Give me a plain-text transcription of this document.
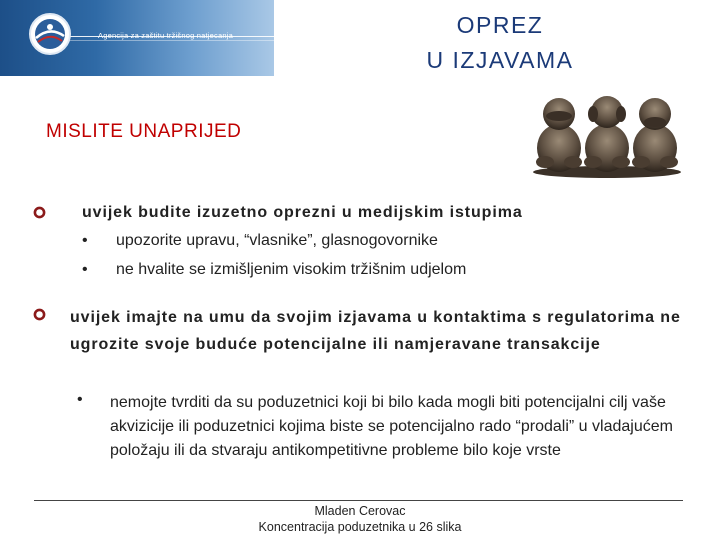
Agencija za zaštitu tržišnog natjecanja	OPREZ
U IZJAVAMA
MISLITE UNAPRIJED
uvijek budite izuzetno oprezni u medijskim istupima
• upozorite upravu, “vlasnike”, glasnogovornike
• ne hvalite se izmišljenim visokim tržišnim udjelom
uvijek imajte na umu da svojim izjavama u kontaktima s regulatorima ne ugrozite svoje buduće potencijalne ili namjeravane transakcije
• nemojte tvrditi da su poduzetnici koji bi bilo kada mogli biti potencijalni cilj vaše akvizicije ili poduzetnici kojima biste se potencijalno rado “prodali” u vladajućem položaju ili da stvaraju antikompetitivne probleme bilo koje vrste
Mladen Cerovac
Koncentracija poduzetnika u 26 slika
